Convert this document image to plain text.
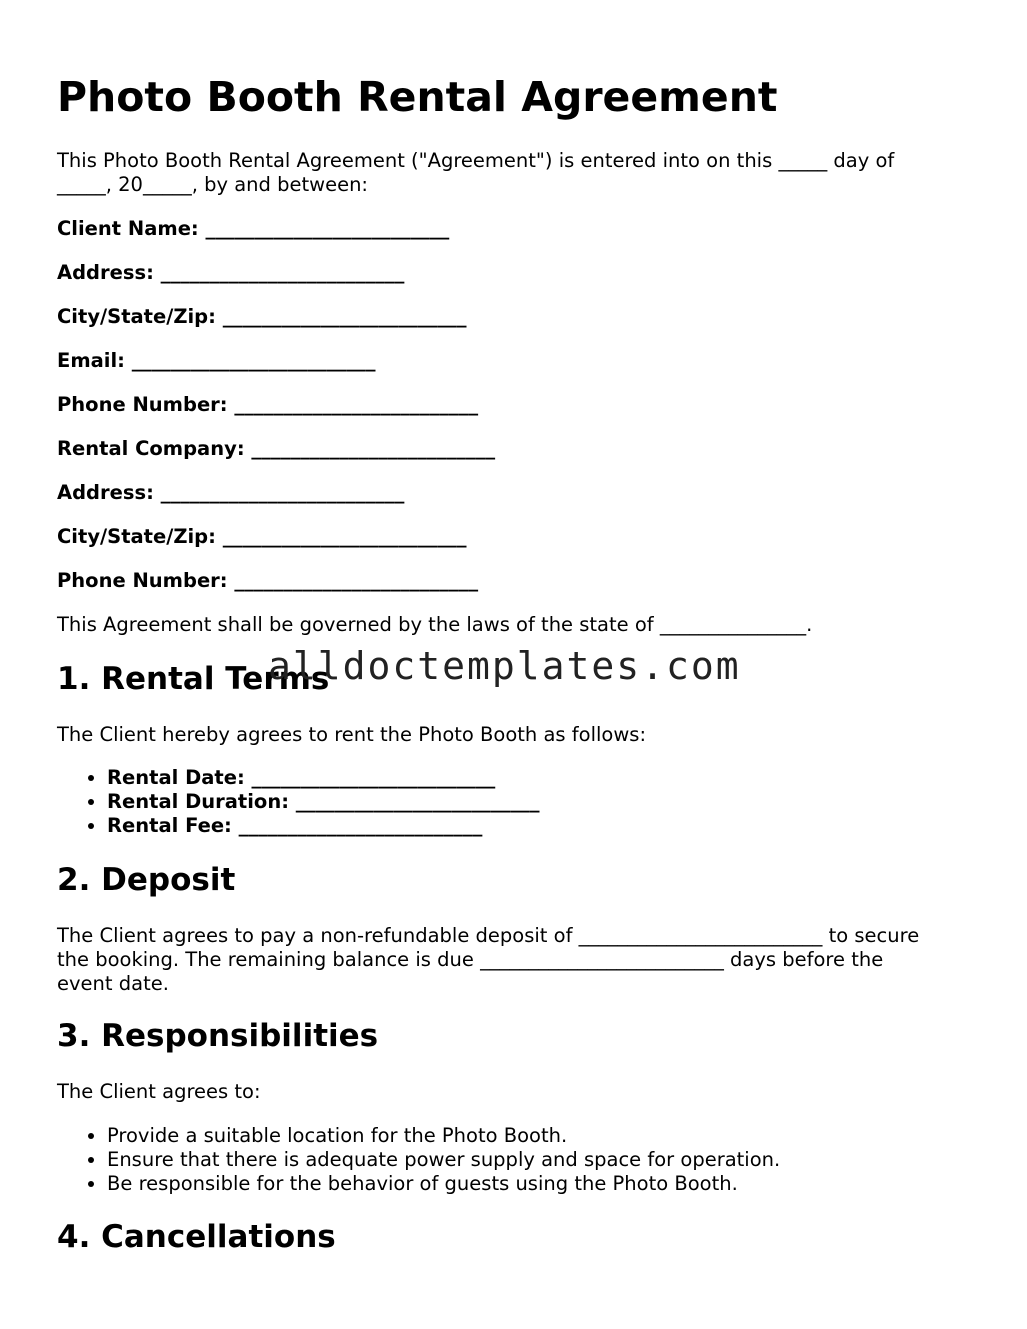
Photo Booth Rental Agreement
This Photo Booth Rental Agreement ("Agreement") is entered into on this _____ day of
_____, 20_____, by and between:
Client Name: _________________________
Address: _________________________
City/State/Zip: _________________________
Email: _________________________
Phone Number: _________________________
Rental Company: _________________________
Address: _________________________
City/State/Zip: _________________________
Phone Number: _________________________
This Agreement shall be governed by the laws of the state of _______________.
1. Rental Terms
alldoctemplates.com
The Client hereby agrees to rent the Photo Booth as follows:
• Rental Date: _________________________
• Rental Duration: _________________________
• Rental Fee: _________________________
2. Deposit
The Client agrees to pay a non-refundable deposit of _________________________ to secure
the booking. The remaining balance is due _________________________ days before the
event date.
3. Responsibilities
The Client agrees to:
• Provide a suitable location for the Photo Booth.
• Ensure that there is adequate power supply and space for operation.
• Be responsible for the behavior of guests using the Photo Booth.
4. Cancellations
